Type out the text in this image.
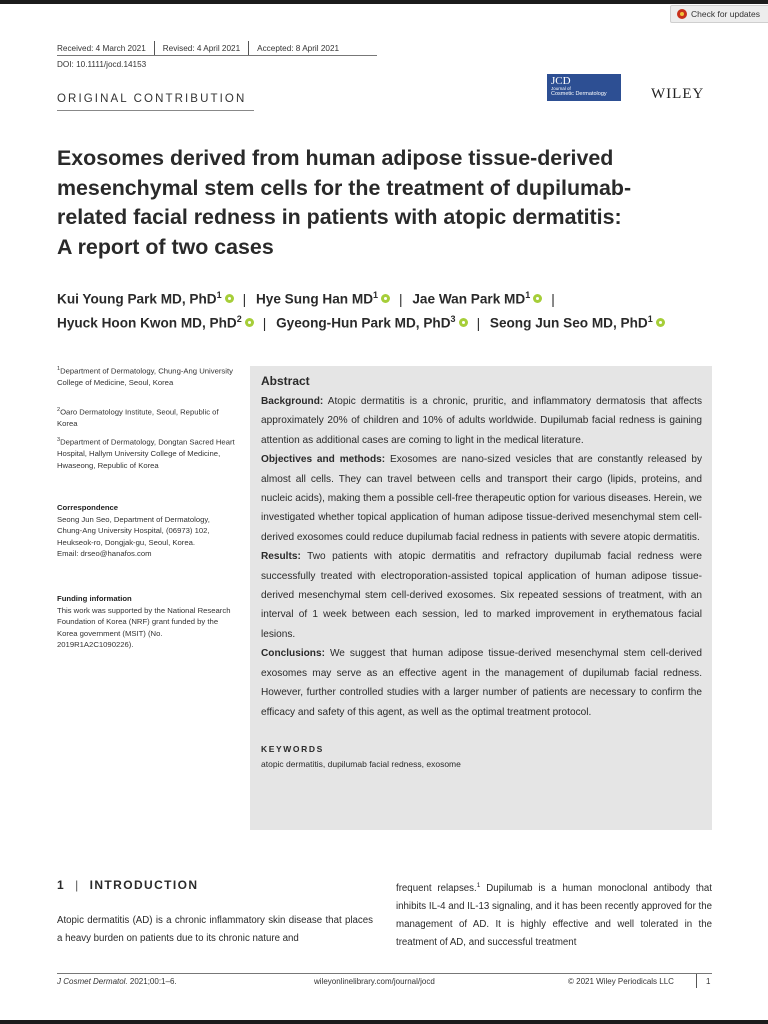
Check for updates
Received: 4 March 2021 Revised: 4 April 2021 Accepted: 8 April 2021
DOI: 10.1111/jocd.14153
ORIGINAL CONTRIBUTION
JCD
Journal of
Cosmetic Dermatology	WILEY
Exosomes derived from human adipose tissue-derived
mesenchymal stem cells for the treatment of dupilumab-
related facial redness in patients with atopic dermatitis:
A report of two cases
Kui Young Park MD, PhD$^1$ | Hye Sung Han $MD^1$ | Jae Wan Park $MD^1$ |
Hyuck Hoon Kwon MD, PhD$^2$ | Gyeong-Hun Park MD, PhD$^3$ | Seong Jun Seo MD, PhD$^1$
$^1$Department of Dermatology, Chung-Ang University College of Medicine, Seoul, Korea
$^2$Oaro Dermatology Institute, Seoul, Republic of Korea
$^3$Department of Dermatology, Dongtan Sacred Heart Hospital, Hallym University College of Medicine, Hwaseong, Republic of Korea
Correspondence
Seong Jun Seo, Department of Dermatology, Chung-Ang University Hospital, (06973) 102, Heukseok-ro, Dongjak-gu, Seoul, Korea.
Email: drseo@hanafos.com
Funding information
This work was supported by the National Research Foundation of Korea (NRF) grant funded by the Korea government (MSIT) (No. 2019R1A2C1090226).
Abstract

Background: Atopic dermatitis is a chronic, pruritic, and inflammatory dermatosis that affects approximately 20% of children and 10% of adults worldwide. Dupilumab facial redness is gaining attention as additional cases are coming to light in the medical literature.

Objectives and methods: Exosomes are nano-sized vesicles that are constantly released by almost all cells. They can travel between cells and transport their cargo (lipids, proteins, and nucleic acids), making them a possible cell-free therapeutic option for various diseases. Herein, we investigated whether topical application of human adipose tissue-derived mesenchymal stem cell-derived exosomes could reduce dupilumab facial redness in patients with severe atopic dermatitis.

Results: Two patients with atopic dermatitis and refractory dupilumab facial redness were successfully treated with electroporation-assisted topical application of human adipose tissue-derived mesenchymal stem cell-derived exosomes. Six repeated sessions of treatment, with an interval of 1 week between each session, led to marked improvement in erythematous facial lesions.

Conclusions: We suggest that human adipose tissue-derived mesenchymal stem cell-derived exosomes may serve as an effective agent in the management of dupilumab facial redness. However, further controlled studies with a larger number of patients are necessary to confirm the efficacy and safety of this agent, as well as the optimal treatment protocol.

KEYWORDS
atopic dermatitis, dupilumab facial redness, exosome
1 | INTRODUCTION
Atopic dermatitis (AD) is a chronic inflammatory skin disease that places a heavy burden on patients due to its chronic nature and
frequent relapses.$^1$ Dupilumab is a human monoclonal antibody that inhibits IL-4 and IL-13 signaling, and it has been recently approved for the management of AD. It is highly effective and well tolerated in the treatment of AD, and successful treatment
J Cosmet Dermatol. 2021;00:1–6.	wileyonlinelibrary.com/journal/jocd	© 2021 Wiley Periodicals LLC	1
